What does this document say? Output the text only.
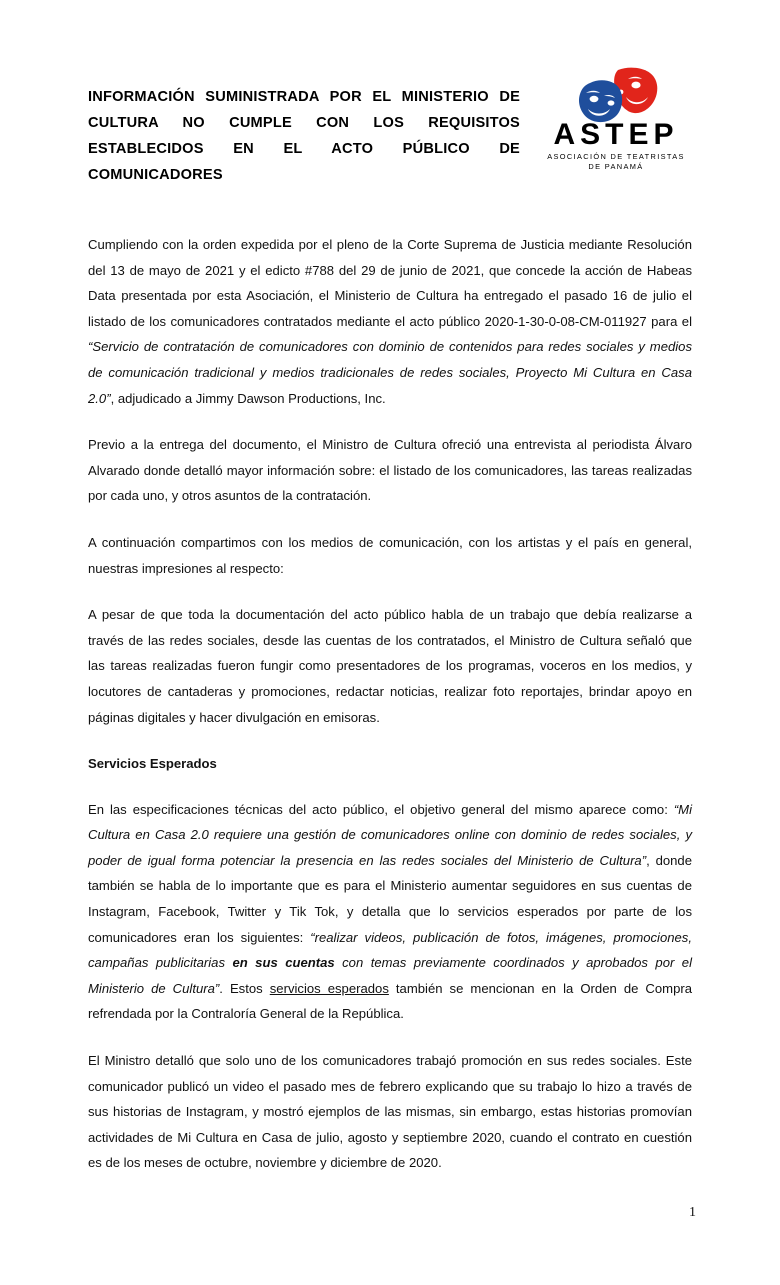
INFORMACIÓN SUMINISTRADA POR EL MINISTERIO DE CULTURA NO CUMPLE CON LOS REQUISITOS ESTABLECIDOS EN EL ACTO PÚBLICO DE COMUNICADORES
ASTEP
ASOCIACIÓN DE TEATRISTAS
DE PANAMÁ

Cumpliendo con la orden expedida por el pleno de la Corte Suprema de Justicia mediante Resolución del 13 de mayo de 2021 y el edicto #788 del 29 de junio de 2021, que concede la acción de Habeas Data presentada por esta Asociación, el Ministerio de Cultura ha entregado el pasado 16 de julio el listado de los comunicadores contratados mediante el acto público 2020-1-30-0-08-CM-011927 para el “Servicio de contratación de comunicadores con dominio de contenidos para redes sociales y medios de comunicación tradicional y medios tradicionales de redes sociales, Proyecto Mi Cultura en Casa 2.0”, adjudicado a Jimmy Dawson Productions, Inc.

Previo a la entrega del documento, el Ministro de Cultura ofreció una entrevista al periodista Álvaro Alvarado donde detalló mayor información sobre: el listado de los comunicadores, las tareas realizadas por cada uno, y otros asuntos de la contratación.

A continuación compartimos con los medios de comunicación, con los artistas y el país en general, nuestras impresiones al respecto:

A pesar de que toda la documentación del acto público habla de un trabajo que debía realizarse a través de las redes sociales, desde las cuentas de los contratados, el Ministro de Cultura señaló que las tareas realizadas fueron fungir como presentadores de los programas, voceros en los medios, y locutores de cantaderas y promociones, redactar noticias, realizar foto reportajes, brindar apoyo en páginas digitales y hacer divulgación en emisoras.

Servicios Esperados

En las especificaciones técnicas del acto público, el objetivo general del mismo aparece como: “Mi Cultura en Casa 2.0 requiere una gestión de comunicadores online con dominio de redes sociales, y poder de igual forma potenciar la presencia en las redes sociales del Ministerio de Cultura”, donde también se habla de lo importante que es para el Ministerio aumentar seguidores en sus cuentas de Instagram, Facebook, Twitter y Tik Tok, y detalla que lo servicios esperados por parte de los comunicadores eran los siguientes: “realizar videos, publicación de fotos, imágenes, promociones, campañas publicitarias en sus cuentas con temas previamente coordinados y aprobados por el Ministerio de Cultura”. Estos servicios esperados también se mencionan en la Orden de Compra refrendada por la Contraloría General de la República.

El Ministro detalló que solo uno de los comunicadores trabajó promoción en sus redes sociales. Este comunicador publicó un video el pasado mes de febrero explicando que su trabajo lo hizo a través de sus historias de Instagram, y mostró ejemplos de las mismas, sin embargo, estas historias promovían actividades de Mi Cultura en Casa de julio, agosto y septiembre 2020, cuando el contrato en cuestión es de los meses de octubre, noviembre y diciembre de 2020.

1
